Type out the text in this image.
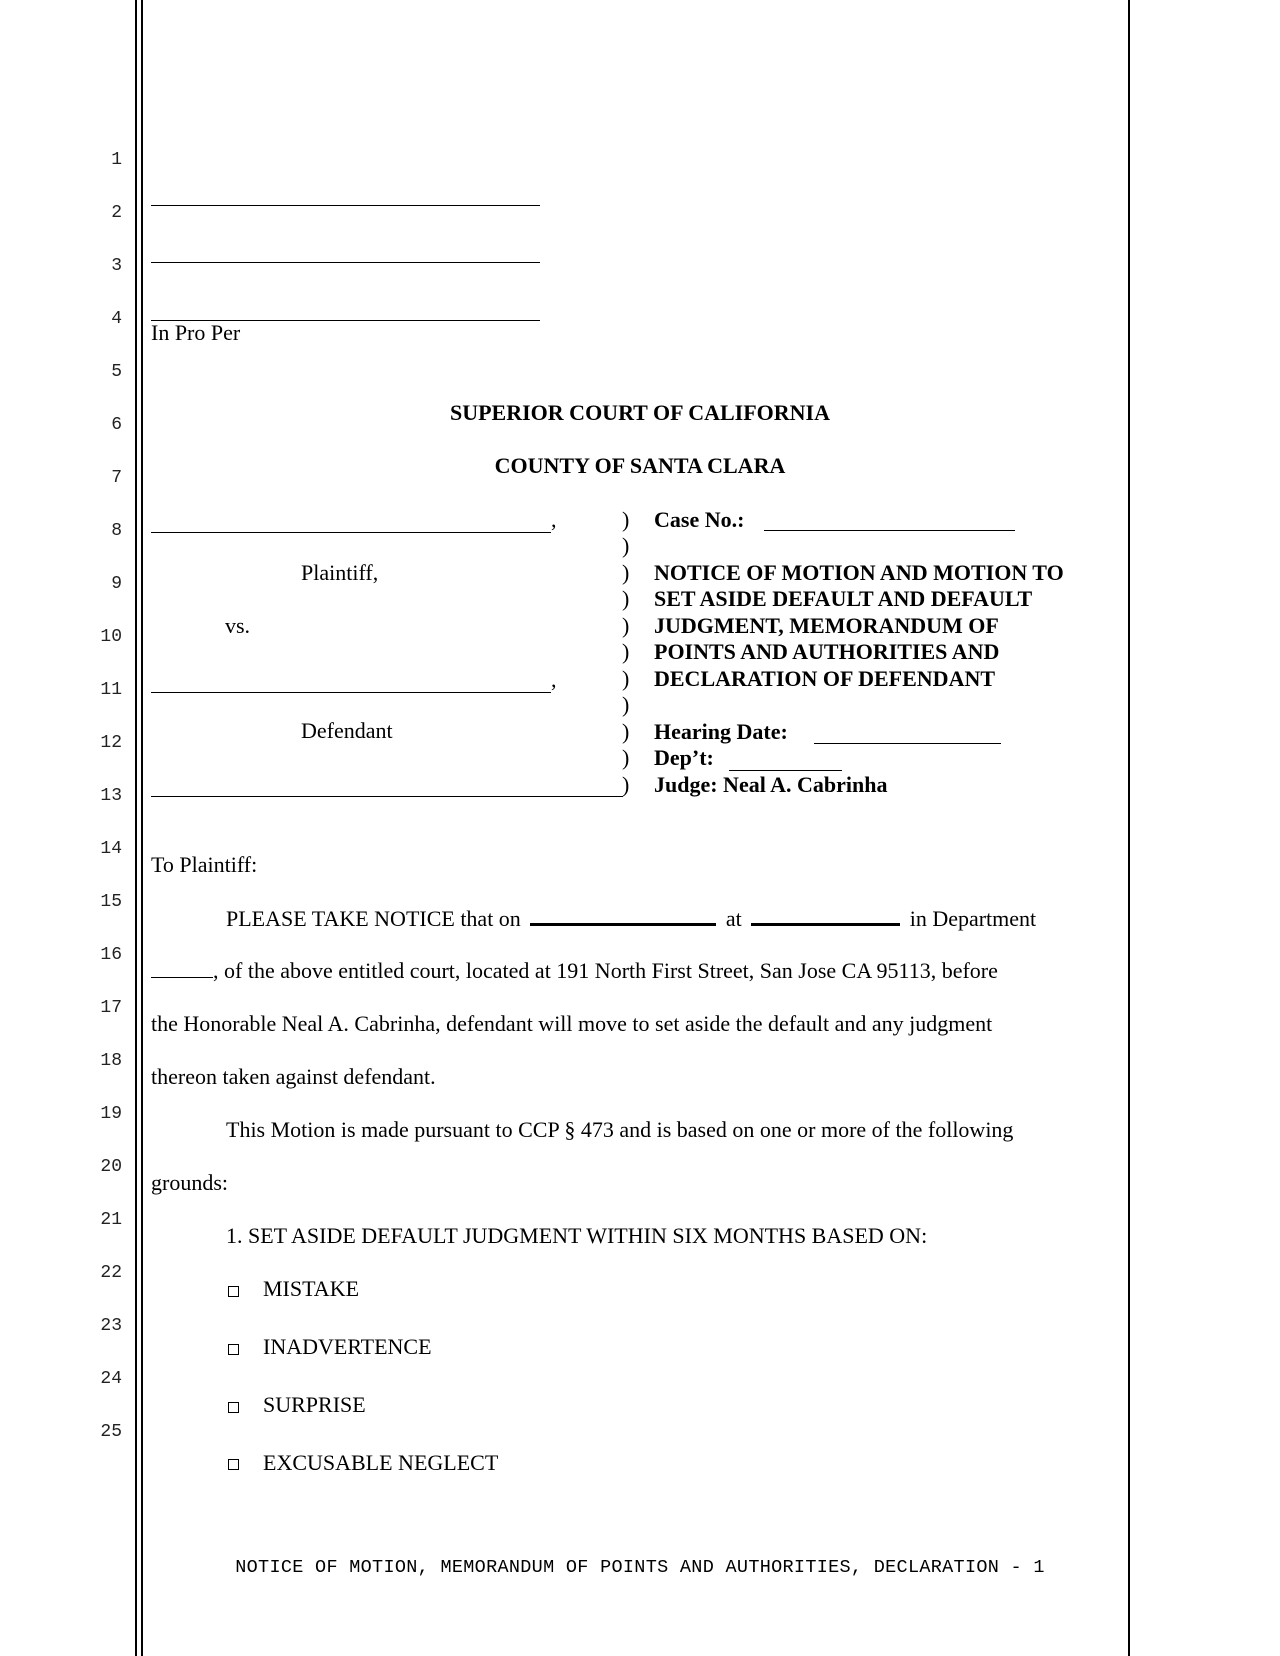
1
2
3
4
5
6
7
8
9
10
11
12
13
14
15
16
17
18
19
20
21
22
23
24
25
In Pro Per
SUPERIOR COURT OF CALIFORNIA
COUNTY OF SANTA CLARA
,
Plaintiff,
vs.
,
Defendant
)
)
)
)
)
)
)
)
)
)
)
Case No.:
NOTICE OF MOTION AND MOTION TO
SET ASIDE DEFAULT AND DEFAULT
JUDGMENT, MEMORANDUM OF
POINTS AND AUTHORITIES AND
DECLARATION OF DEFENDANT
Hearing Date:
Dep’t:
Judge: Neal A. Cabrinha
To Plaintiff:
PLEASE TAKE NOTICE that on	at	in Department
, of the above entitled court, located at 191 North First Street, San Jose CA 95113, before
the Honorable Neal A. Cabrinha, defendant will move to set aside the default and any judgment
thereon taken against defendant.
This Motion is made pursuant to CCP § 473 and is based on one or more of the following
grounds:
1. SET ASIDE DEFAULT JUDGMENT WITHIN SIX MONTHS BASED ON:
MISTAKE
INADVERTENCE
SURPRISE
EXCUSABLE NEGLECT
NOTICE OF MOTION, MEMORANDUM OF POINTS AND AUTHORITIES, DECLARATION - 1
